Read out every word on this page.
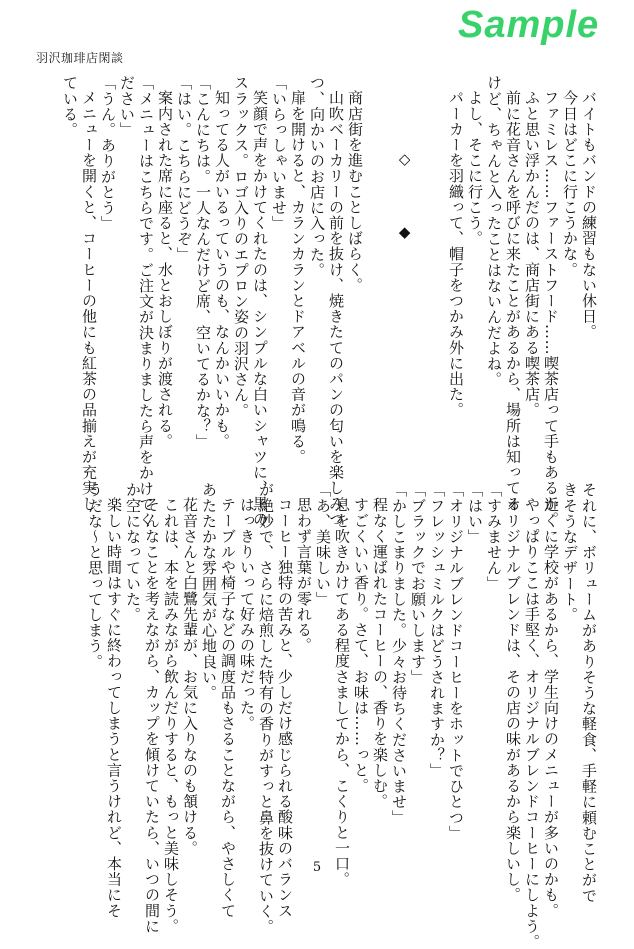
Sample
羽沢珈琲店閑談

バイトもバンドの練習もない休日。

今日はどこに行こうかな。

ファミレス……ファーストフード……喫茶店って手もあるか。

ふと思い浮かんだのは、商店街にある喫茶店。

前に花音さんを呼びに来たことがあるから、場所は知ってる

けど、ちゃんと入ったことはないんだよね。

よし、そこに行こう。

パーカーを羽織って、帽子をつかみ外に出た。

◇
◆

商店街を進むことしばらく。

山吹ベーカリーの前を抜け、焼きたてのパンの匂いを楽しみつ

つ、向かいのお店に入った。

扉を開けると、カランカランとドアベルの音が鳴る。

「いらっしゃいませ」

笑顔で声をかけてくれたのは、シンプルな白いシャツに、黒の

スラックス。ロゴ入りのエプロン姿の羽沢さん。

知ってる人がいるっていうのも、なんかいいかも。

「こんにちは。一人なんだけど席、空いてるかな？」

「はい。こちらにどうぞ」

案内された席に座ると、水とおしぼりが渡される。

「メニューはこちらです。ご注文が決まりましたら声をかけてく

ださい」

「うん。ありがとう」

メニューを開くと、コーヒーの他にも紅茶の品揃えが充実し

ている。

それに、ボリュームがありそうな軽食、手軽に頼むことがで

きそうなデザート。

近くに学校があるから、学生向けのメニューが多いのかも。

やっぱりここは手堅く、オリジナルブレンドコーヒーにしよう。

オリジナルブレンドは、その店の味があるから楽しいし。

「すみません」

「はい」

「オリジナルブレンドコーヒーをホットでひとつ」

「フレッシュミルクはどうされますか？」

「ブラックでお願いします」

「かしこまりました。少々お待ちくださいませ」

程なく運ばれたコーヒーの、香りを楽しむ。

すごくいい香り。さて、お味は……っと。

息を吹きかけてある程度さましてから、こくりと一口。

「あ、美味しい」

思わず言葉が零れる。

コーヒー独特の苦みと、少しだけ感じられる酸味のバランス

が絶妙で、さらに焙煎した特有の香りがすっと鼻を抜けていく。

はっきりいって好みの味だった。

テーブルや椅子などの調度品もさることながら、やさしくて

あたたかな雰囲気が心地良い。

花音さんと白鷺先輩が、お気に入りなのも頷ける。

これは、本を読みながら飲んだりすると、もっと美味しそう。

そんなことを考えながら、カップを傾けていたら、いつの間に

か空になっていた。

楽しい時間はすぐに終わってしまうと言うけれど、本当にそ

うだな～と思ってしまう。

5
